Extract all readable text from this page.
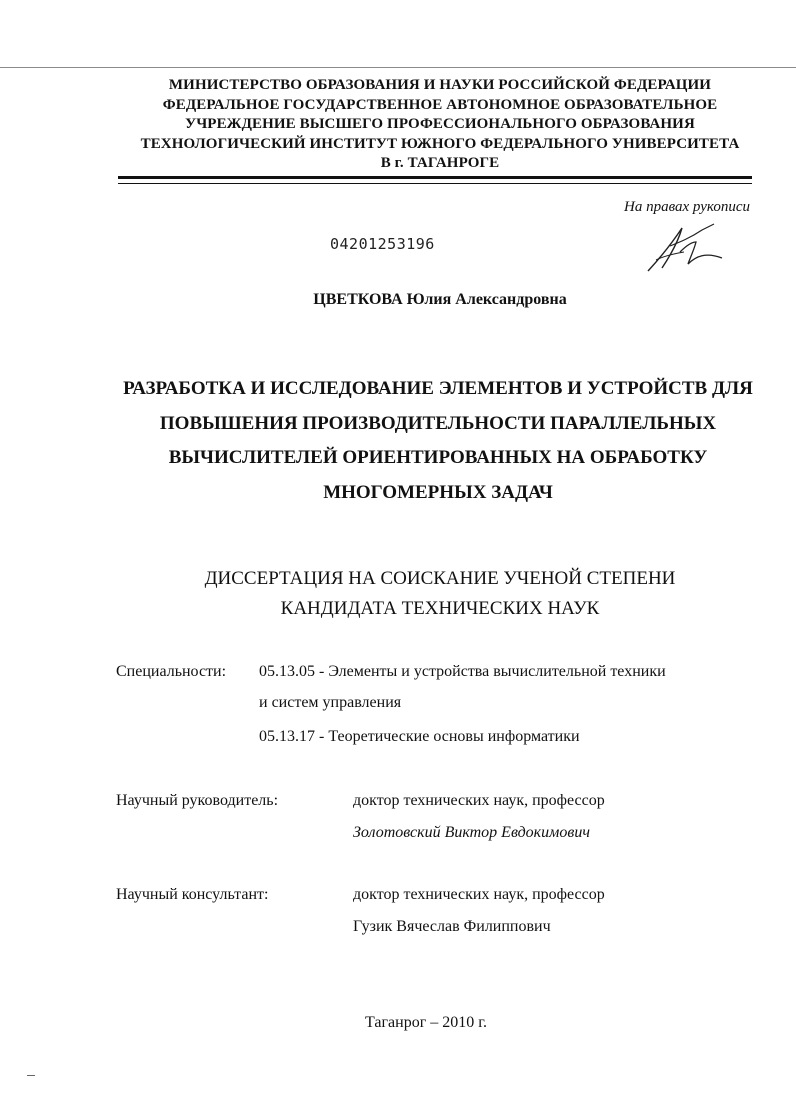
МИНИСТЕРСТВО ОБРАЗОВАНИЯ И НАУКИ РОССИЙСКОЙ ФЕДЕРАЦИИ
ФЕДЕРАЛЬНОЕ ГОСУДАРСТВЕННОЕ АВТОНОМНОЕ ОБРАЗОВАТЕЛЬНОЕ
УЧРЕЖДЕНИЕ ВЫСШЕГО ПРОФЕССИОНАЛЬНОГО ОБРАЗОВАНИЯ
ТЕХНОЛОГИЧЕСКИЙ ИНСТИТУТ ЮЖНОГО ФЕДЕРАЛЬНОГО УНИВЕРСИТЕТА
В г. ТАГАНРОГЕ
На правах рукописи
04201253196
ЦВЕТКОВА Юлия Александровна
РАЗРАБОТКА И ИССЛЕДОВАНИЕ ЭЛЕМЕНТОВ И УСТРОЙСТВ ДЛЯ
ПОВЫШЕНИЯ ПРОИЗВОДИТЕЛЬНОСТИ ПАРАЛЛЕЛЬНЫХ
ВЫЧИСЛИТЕЛЕЙ ОРИЕНТИРОВАННЫХ НА ОБРАБОТКУ
МНОГОМЕРНЫХ ЗАДАЧ
ДИССЕРТАЦИЯ НА СОИСКАНИЕ УЧЕНОЙ СТЕПЕНИ
КАНДИДАТА ТЕХНИЧЕСКИХ НАУК
Специальности: 05.13.05 - Элементы и устройства вычислительной техники
и систем управления
05.13.17 - Теоретические основы информатики
Научный руководитель:	доктор технических наук, профессор
Золотовский Виктор Евдокимович
Научный консультант:	доктор технических наук, профессор
Гузик Вячеслав Филиппович
Таганрог – 2010 г.
